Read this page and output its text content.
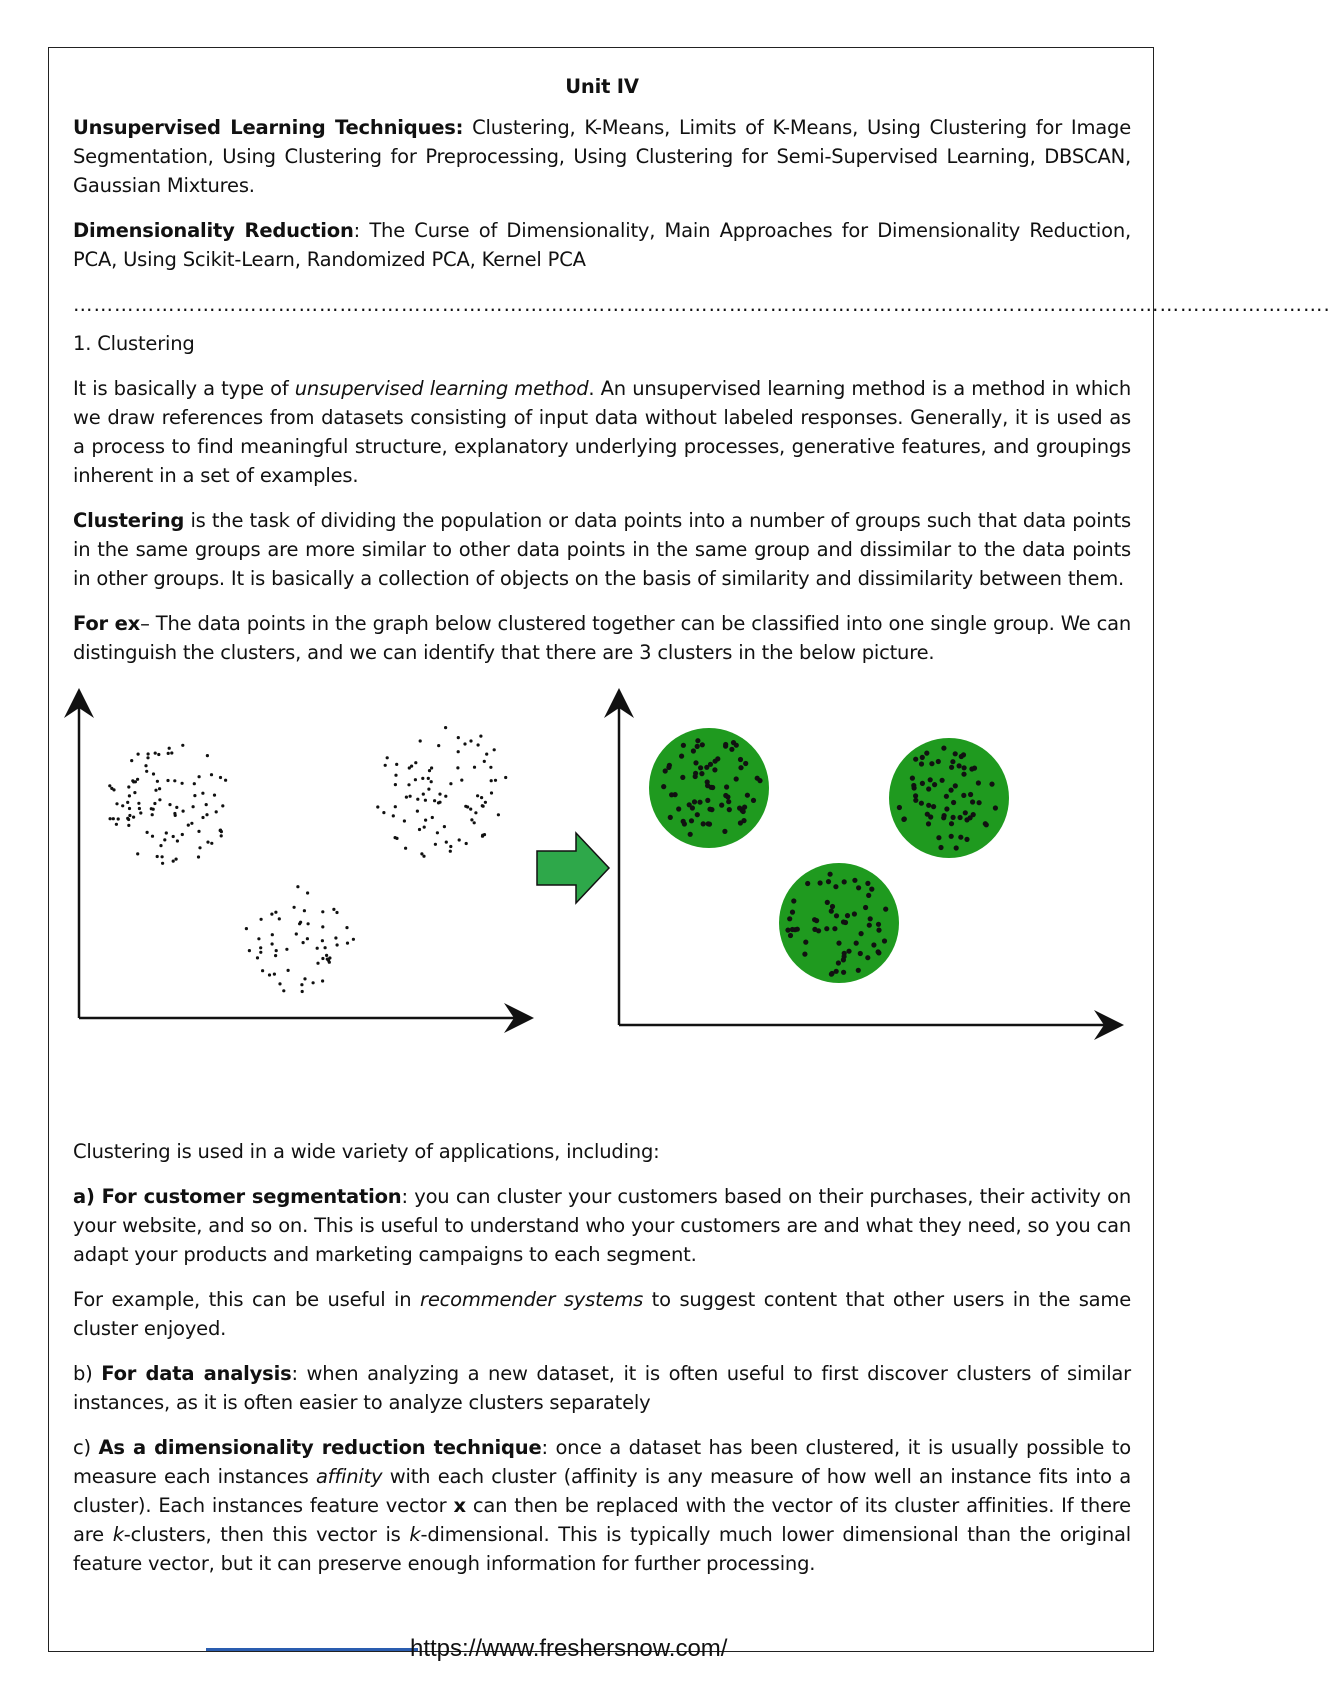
Unit IV

Unsupervised Learning Techniques: Clustering, K-Means, Limits of K-Means, Using Clustering for Image Segmentation, Using Clustering for Preprocessing, Using Clustering for Semi-Supervised Learning, DBSCAN, Gaussian Mixtures.

Dimensionality Reduction: The Curse of Dimensionality, Main Approaches for Dimensionality Reduction, PCA, Using Scikit-Learn, Randomized PCA, Kernel PCA

………………………………………………………………………………………………………………………………………………………………….

1. Clustering

It is basically a type of unsupervised learning method. An unsupervised learning method is a method in which we draw references from datasets consisting of input data without labeled responses. Generally, it is used as a process to find meaningful structure, explanatory underlying processes, generative features, and groupings inherent in a set of examples.

Clustering is the task of dividing the population or data points into a number of groups such that data points in the same groups are more similar to other data points in the same group and dissimilar to the data points in other groups. It is basically a collection of objects on the basis of similarity and dissimilarity between them.

For ex– The data points in the graph below clustered together can be classified into one single group. We can distinguish the clusters, and we can identify that there are 3 clusters in the below picture.

Clustering is used in a wide variety of applications, including:

a) For customer segmentation: you can cluster your customers based on their purchases, their activity on your website, and so on. This is useful to understand who your customers are and what they need, so you can adapt your products and marketing campaigns to each segment.

For example, this can be useful in recommender systems to suggest content that other users in the same cluster enjoyed.

b) For data analysis: when analyzing a new dataset, it is often useful to first discover clusters of similar instances, as it is often easier to analyze clusters separately

c) As a dimensionality reduction technique: once a dataset has been clustered, it is usually possible to measure each instances affinity with each cluster (affinity is any measure of how well an instance fits into a cluster). Each instances feature vector x can then be replaced with the vector of its cluster affinities. If there are k-clusters, then this vector is k-dimensional. This is typically much lower dimensional than the original feature vector, but it can preserve enough information for further processing.

https://www.freshersnow.com/
